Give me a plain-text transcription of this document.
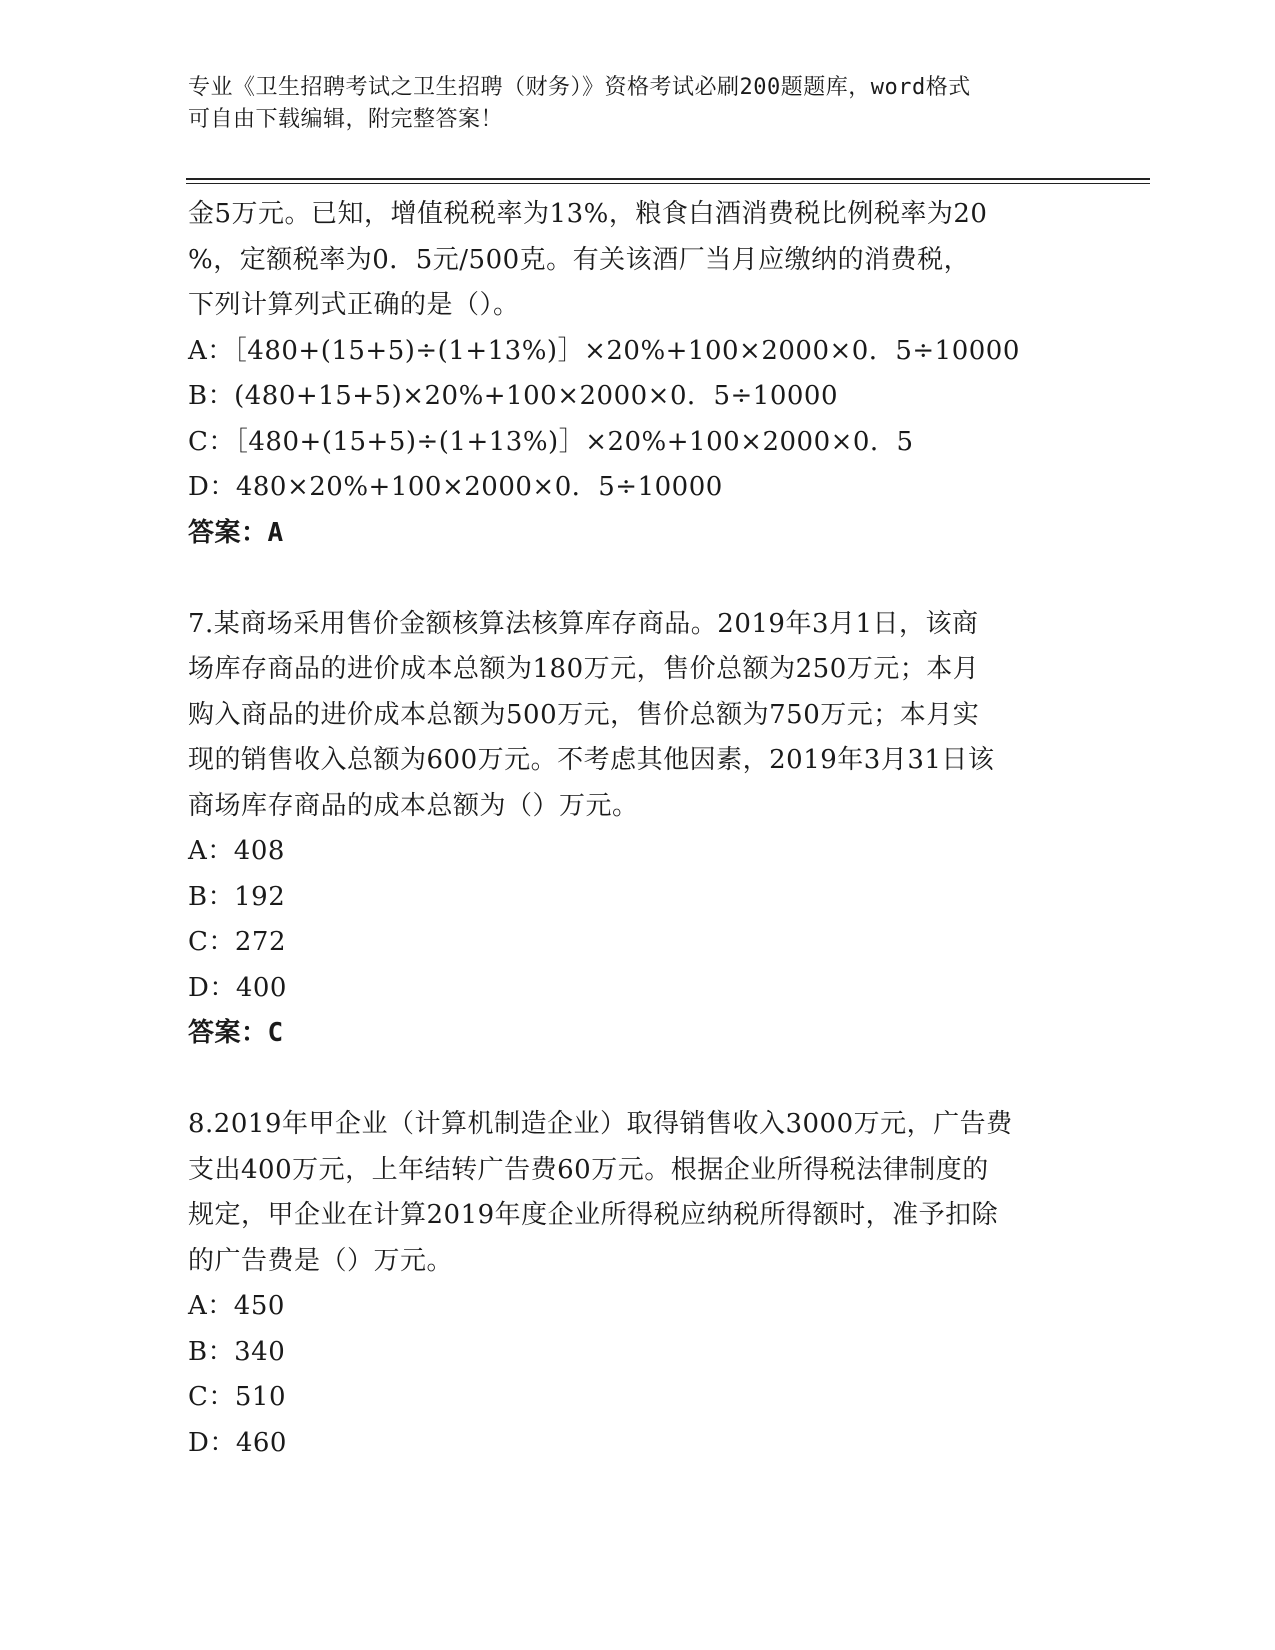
专业《卫生招聘考试之卫生招聘（财务）》资格考试必刷200题题库，word格式
可自由下载编辑，附完整答案！
金5万元。已知，增值税税率为13%，粮食白酒消费税比例税率为20
%，定额税率为0．5元/500克。有关该酒厂当月应缴纳的消费税，
下列计算列式正确的是（）。
A：［480+(15+5)÷(1+13%)］×20%+100×2000×0．5÷10000
B：(480+15+5)×20%+100×2000×0．5÷10000
C：［480+(15+5)÷(1+13%)］×20%+100×2000×0．5
D：480×20%+100×2000×0．5÷10000
答案：A
7.某商场采用售价金额核算法核算库存商品。2019年3月1日，该商
场库存商品的进价成本总额为180万元，售价总额为250万元；本月
购入商品的进价成本总额为500万元，售价总额为750万元；本月实
现的销售收入总额为600万元。不考虑其他因素，2019年3月31日该
商场库存商品的成本总额为（）万元。
A：408
B：192
C：272
D：400
答案：C
8.2019年甲企业（计算机制造企业）取得销售收入3000万元，广告费
支出400万元，上年结转广告费60万元。根据企业所得税法律制度的
规定，甲企业在计算2019年度企业所得税应纳税所得额时，准予扣除
的广告费是（）万元。
A：450
B：340
C：510
D：460
